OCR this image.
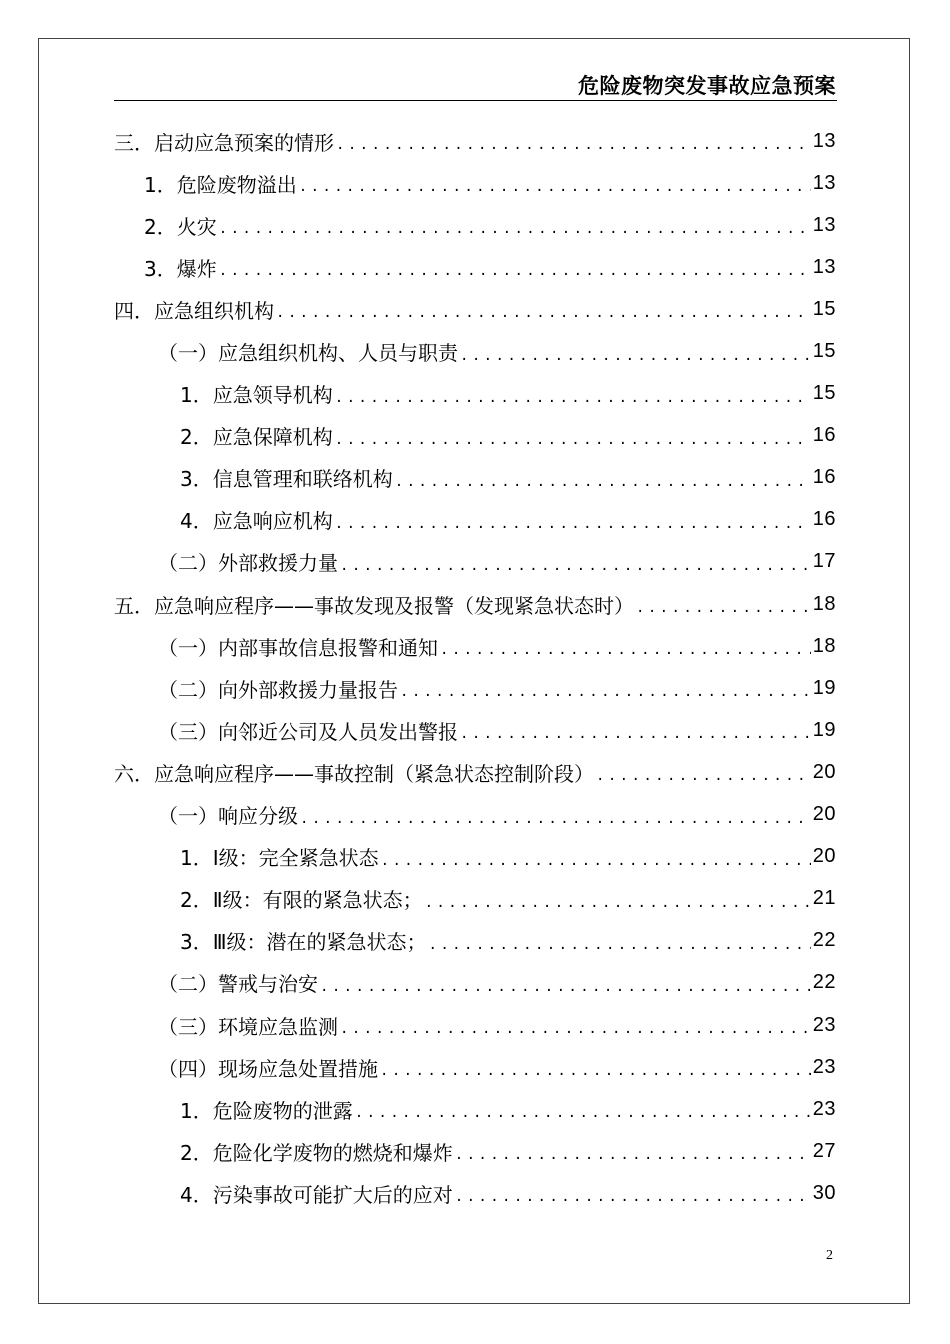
危险废物突发事故应急预案
三．启动应急预案的情形 .....	13
1．危险废物溢出 .....	13
2．火灾 .....	13
3．爆炸 .....	13
四．应急组织机构 .....	15
（一）应急组织机构、人员与职责 .....	15
1．应急领导机构 .....	15
2．应急保障机构 .....	16
3．信息管理和联络机构 .....	16
4．应急响应机构 .....	16
（二）外部救援力量 .....	17
五．应急响应程序——事故发现及报警（发现紧急状态时） .....	18
（一）内部事故信息报警和通知 .....	18
（二）向外部救援力量报告 .....	19
（三）向邻近公司及人员发出警报 .....	19
六．应急响应程序——事故控制（紧急状态控制阶段） .....	20
（一）响应分级 .....	20
1．Ⅰ级：完全紧急状态 .....	20
2．Ⅱ级：有限的紧急状态； .....	21
3．Ⅲ级：潜在的紧急状态； .....	22
（二）警戒与治安 .....	22
（三）环境应急监测 .....	23
（四）现场应急处置措施 .....	23
1．危险废物的泄露 .....	23
2．危险化学废物的燃烧和爆炸 .....	27
4．污染事故可能扩大后的应对 .....	30
2
